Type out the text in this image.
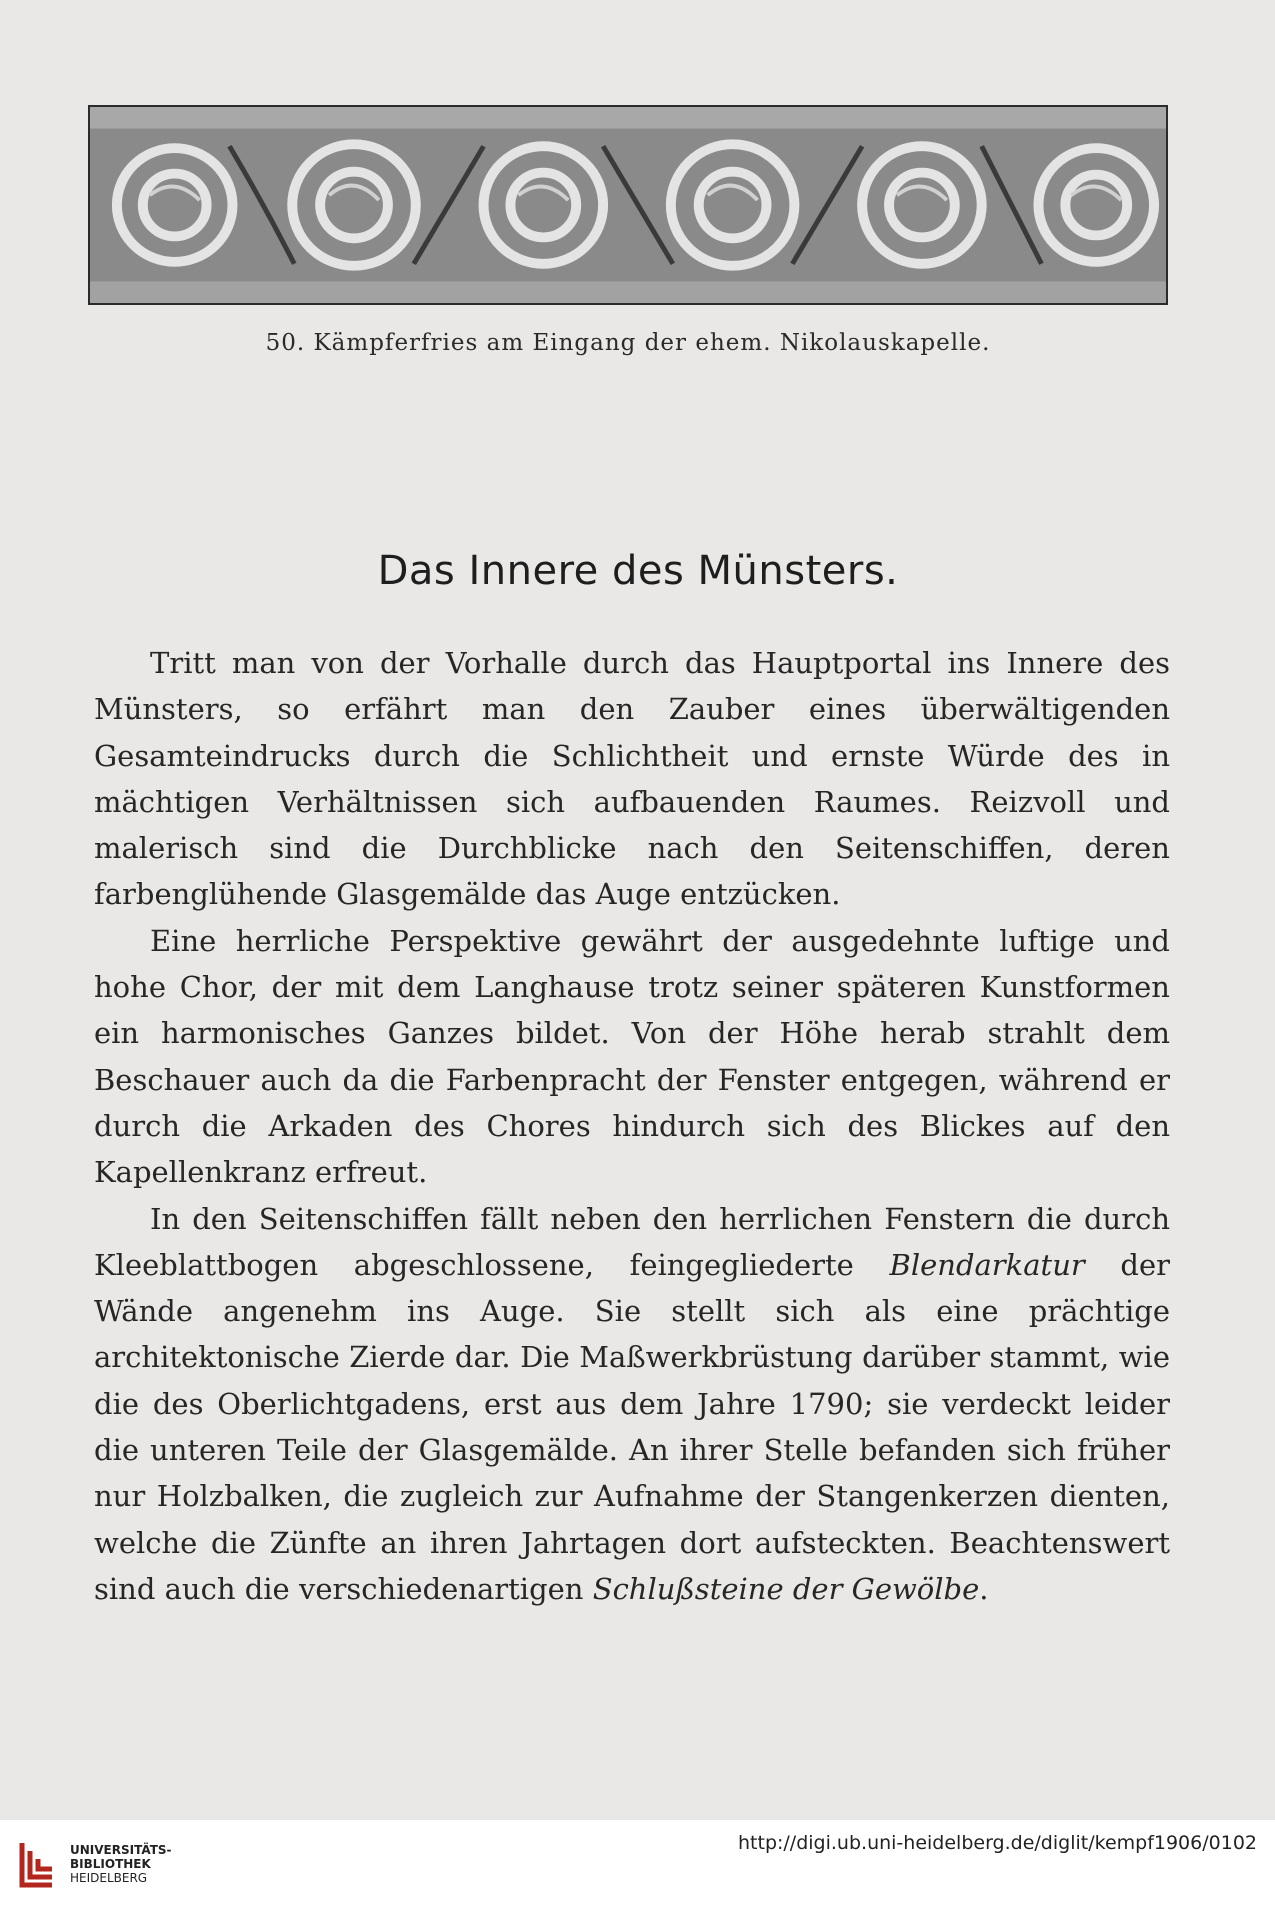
50. Kämpferfries am Eingang der ehem. Nikolauskapelle.
Das Innere des Münsters.

Tritt man von der Vorhalle durch das Hauptportal ins Innere des Münsters, so erfährt man den Zauber eines überwältigenden Gesamteindrucks durch die Schlichtheit und ernste Würde des in mächtigen Verhältnissen sich aufbauenden Raumes. Reizvoll und malerisch sind die Durchblicke nach den Seitenschiffen, deren farbenglühende Glasgemälde das Auge entzücken.

Eine herrliche Perspektive gewährt der ausgedehnte luftige und hohe Chor, der mit dem Langhause trotz seiner späteren Kunstformen ein harmonisches Ganzes bildet. Von der Höhe herab strahlt dem Beschauer auch da die Farbenpracht der Fenster entgegen, während er durch die Arkaden des Chores hindurch sich des Blickes auf den Kapellenkranz erfreut.

In den Seitenschiffen fällt neben den herrlichen Fenstern die durch Kleeblattbogen abgeschlossene, feingegliederte Blendarkatur der Wände angenehm ins Auge. Sie stellt sich als eine prächtige architektonische Zierde dar. Die Maßwerkbrüstung darüber stammt, wie die des Oberlichtgadens, erst aus dem Jahre 1790; sie verdeckt leider die unteren Teile der Glasgemälde. An ihrer Stelle befanden sich früher nur Holzbalken, die zugleich zur Aufnahme der Stangenkerzen dienten, welche die Zünfte an ihren Jahrtagen dort aufsteckten. Beachtenswert sind auch die verschiedenartigen Schlußsteine der Gewölbe.

UNIVERSITÄTS-
BIBLIOTHEK
HEIDELBERG
http://digi.ub.uni-heidelberg.de/diglit/kempf1906/0102
